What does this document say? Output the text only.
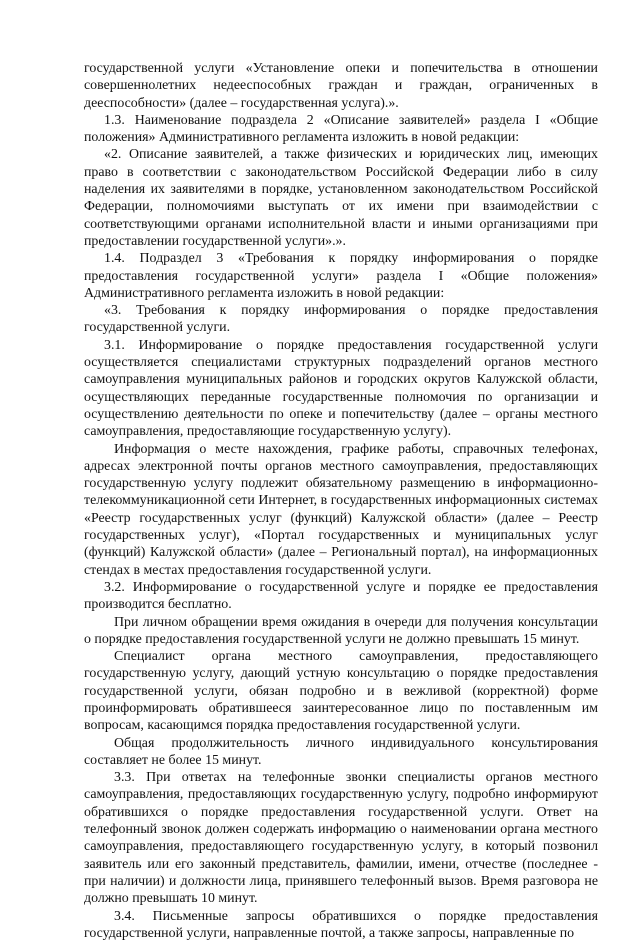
государственной услуги «Установление опеки и попечительства в отношении совершеннолетних недееспособных граждан и граждан, ограниченных в дееспособности» (далее – государственная услуга).».

1.3. Наименование подраздела 2 «Описание заявителей» раздела I «Общие положения» Административного регламента изложить в новой редакции:

«2. Описание заявителей, а также физических и юридических лиц, имеющих право в соответствии с законодательством Российской Федерации либо в силу наделения их заявителями в порядке, установленном законодательством Российской Федерации, полномочиями выступать от их имени при взаимодействии с соответствующими органами исполнительной власти и иными организациями при предоставлении государственной услуги».».

1.4. Подраздел 3 «Требования к порядку информирования о порядке предоставления государственной услуги» раздела I «Общие положения» Административного регламента изложить в новой редакции:

«3. Требования к порядку информирования о порядке предоставления государственной услуги.

3.1. Информирование о порядке предоставления государственной услуги осуществляется специалистами структурных подразделений органов местного самоуправления муниципальных районов и городских округов Калужской области, осуществляющих переданные государственные полномочия по организации и осуществлению деятельности по опеке и попечительству (далее – органы местного самоуправления, предоставляющие государственную услугу).

Информация о месте нахождения, графике работы, справочных телефонах, адресах электронной почты органов местного самоуправления, предоставляющих государственную услугу подлежит обязательному размещению в информационно-телекоммуникационной сети Интернет, в государственных информационных системах «Реестр государственных услуг (функций) Калужской области» (далее – Реестр государственных услуг), «Портал государственных и муниципальных услуг (функций) Калужской области» (далее – Региональный портал), на информационных стендах в местах предоставления государственной услуги.

3.2. Информирование о государственной услуге и порядке ее предоставления производится бесплатно.

При личном обращении время ожидания в очереди для получения консультации о порядке предоставления государственной услуги не должно превышать 15 минут.

Специалист органа местного самоуправления, предоставляющего государственную услугу, дающий устную консультацию о порядке предоставления государственной услуги, обязан подробно и в вежливой (корректной) форме проинформировать обратившееся заинтересованное лицо по поставленным им вопросам, касающимся порядка предоставления государственной услуги.

Общая продолжительность личного индивидуального консультирования составляет не более 15 минут.

3.3. При ответах на телефонные звонки специалисты органов местного самоуправления, предоставляющих государственную услугу, подробно информируют обратившихся о порядке предоставления государственной услуги. Ответ на телефонный звонок должен содержать информацию о наименовании органа местного самоуправления, предоставляющего государственную услугу, в который позвонил заявитель или его законный представитель, фамилии, имени, отчестве (последнее - при наличии) и должности лица, принявшего телефонный вызов. Время разговора не должно превышать 10 минут.

3.4. Письменные запросы обратившихся о порядке предоставления государственной услуги, направленные почтой, а также запросы, направленные по
